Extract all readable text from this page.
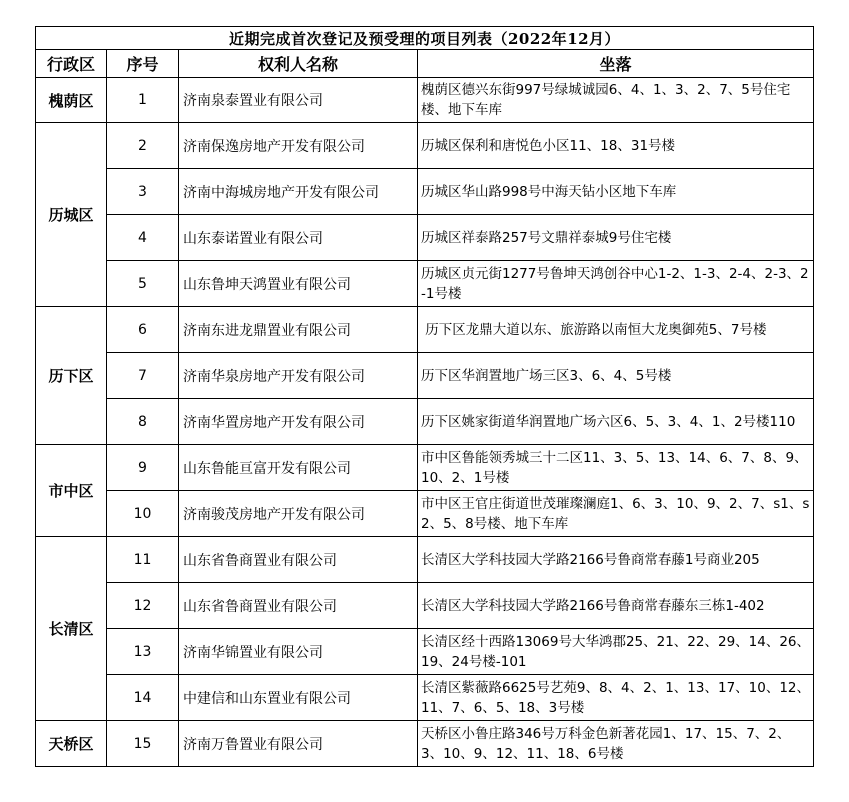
近期完成首次登记及预受理的项目列表（2022年12月）			
行政区	序号	权利人名称	坐落
槐荫区	1	济南泉泰置业有限公司	槐荫区德兴东街997号绿城诚园6、4、1、3、2、7、5号住宅楼、地下车库
历城区	2	济南保逸房地产开发有限公司	历城区保利和唐悦色小区11、18、31号楼
	3	济南中海城房地产开发有限公司	历城区华山路998号中海天钻小区地下车库
	4	山东泰诺置业有限公司	历城区祥泰路257号文鼎祥泰城9号住宅楼
	5	山东鲁坤天鸿置业有限公司	历城区贞元街1277号鲁坤天鸿创谷中心1-2、1-3、2-4、2-3、2-1号楼
历下区	6	济南东进龙鼎置业有限公司	历下区龙鼎大道以东、旅游路以南恒大龙奥御苑5、7号楼
	7	济南华泉房地产开发有限公司	历下区华润置地广场三区3、6、4、5号楼
	8	济南华置房地产开发有限公司	历下区姚家街道华润置地广场六区6、5、3、4、1、2号楼110
市中区	9	山东鲁能亘富开发有限公司	市中区鲁能领秀城三十二区11、3、5、13、14、6、7、8、9、10、2、1号楼
	10	济南骏茂房地产开发有限公司	市中区王官庄街道世茂璀璨澜庭1、6、3、10、9、2、7、s1、s2、5、8号楼、地下车库
长清区	11	山东省鲁商置业有限公司	长清区大学科技园大学路2166号鲁商常春藤1号商业205
	12	山东省鲁商置业有限公司	长清区大学科技园大学路2166号鲁商常春藤东三栋1-402
	13	济南华锦置业有限公司	长清区经十西路13069号大华鸿郡25、21、22、29、14、26、19、24号楼-101
	14	中建信和山东置业有限公司	长清区紫薇路6625号艺苑9、8、4、2、1、13、17、10、12、11、7、6、5、18、3号楼
天桥区	15	济南万鲁置业有限公司	天桥区小鲁庄路346号万科金色新著花园1、17、15、7、2、3、10、9、12、11、18、6号楼
